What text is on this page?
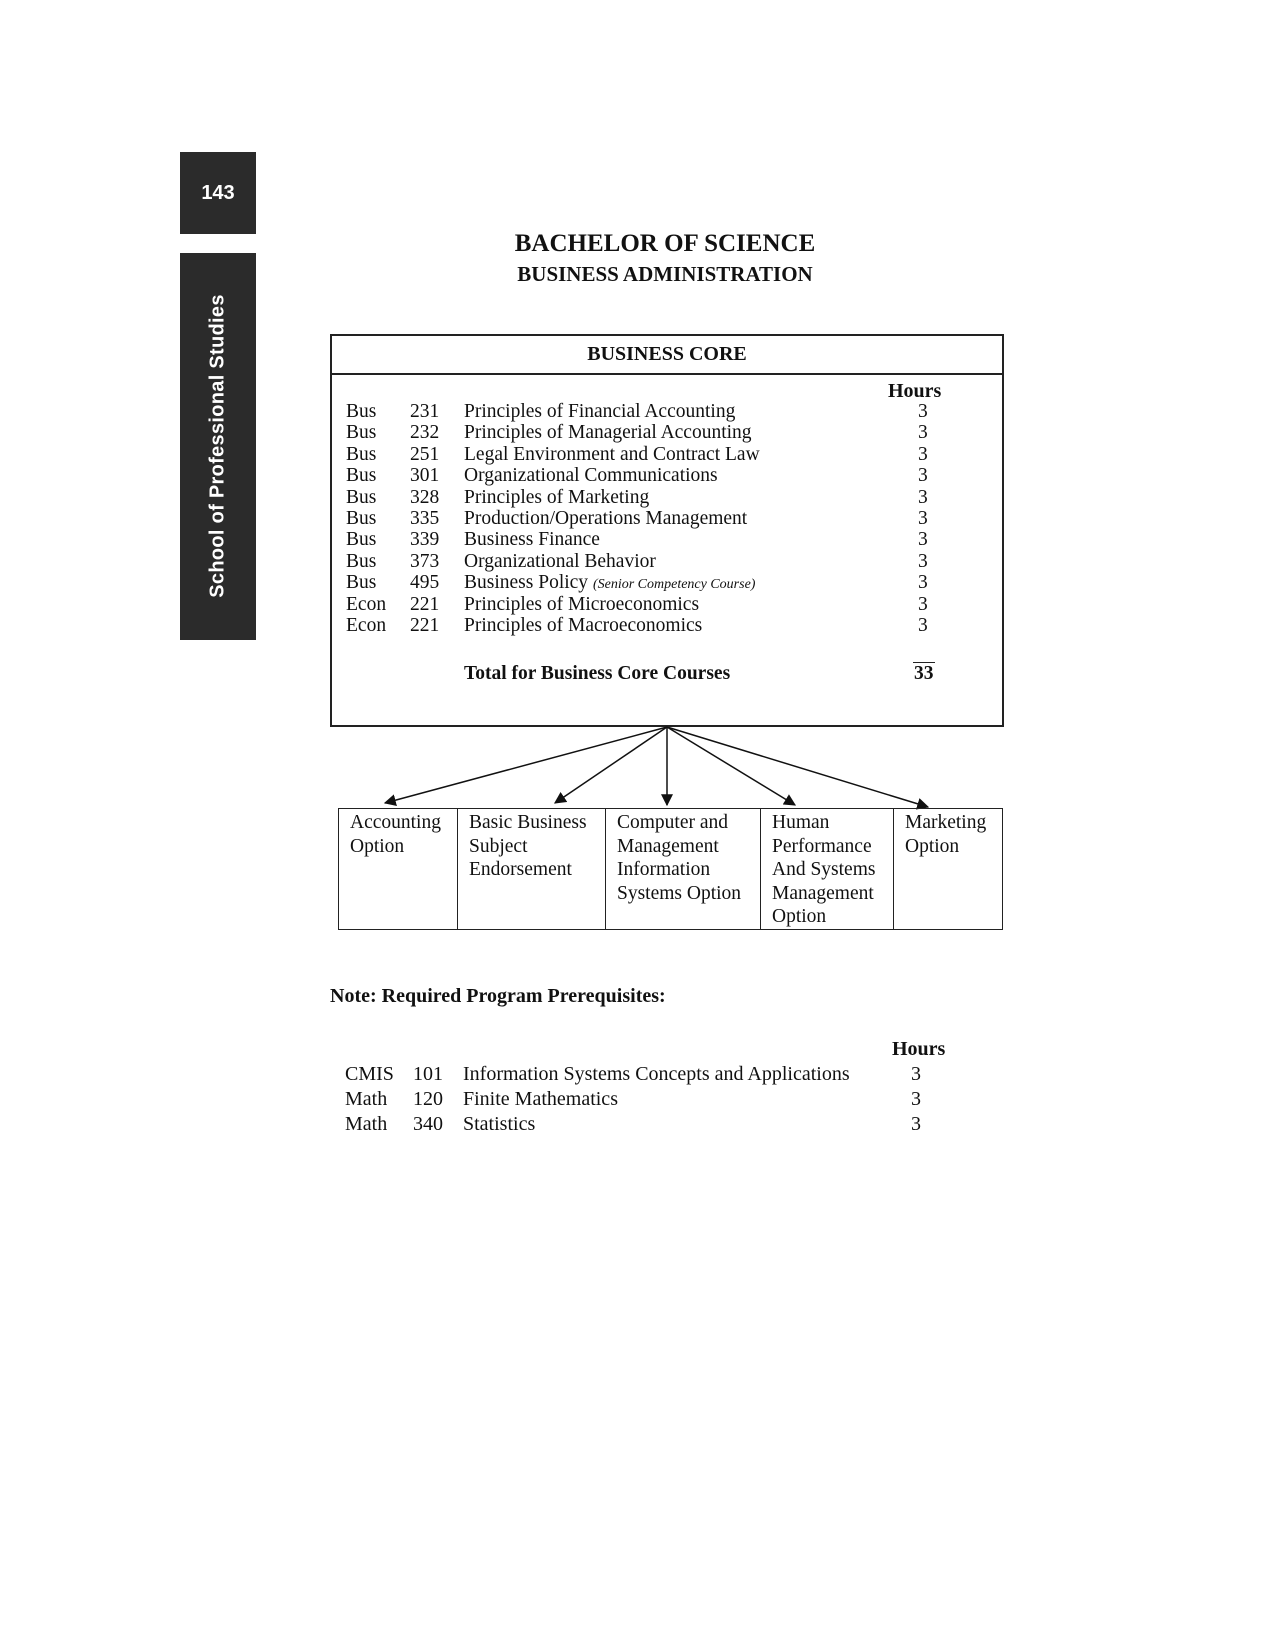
143
School of Professional Studies
BACHELOR OF SCIENCE
BUSINESS ADMINISTRATION
BUSINESS CORE
Hours
Bus 231 Principles of Financial Accounting	3
Bus 232 Principles of Managerial Accounting	3
Bus 251 Legal Environment and Contract Law	3
Bus 301 Organizational Communications	3
Bus 328 Principles of Marketing	3
Bus 335 Production/Operations Management	3
Bus 339 Business Finance	3
Bus 373 Organizational Behavior	3
Bus 495 Business Policy (Senior Competency Course)	3
Econ 221 Principles of Microeconomics	3
Econ 221 Principles of Macroeconomics	3
Total for Business Core Courses	33
Accounting
Option
Basic Business
Subject
Endorsement
Computer and
Management
Information
Systems Option
Human
Performance
And Systems
Management
Option
Marketing
Option
Note: Required Program Prerequisites:
Hours
CMIS 101 Information Systems Concepts and Applications	3
Math 120 Finite Mathematics	3
Math 340 Statistics	3
